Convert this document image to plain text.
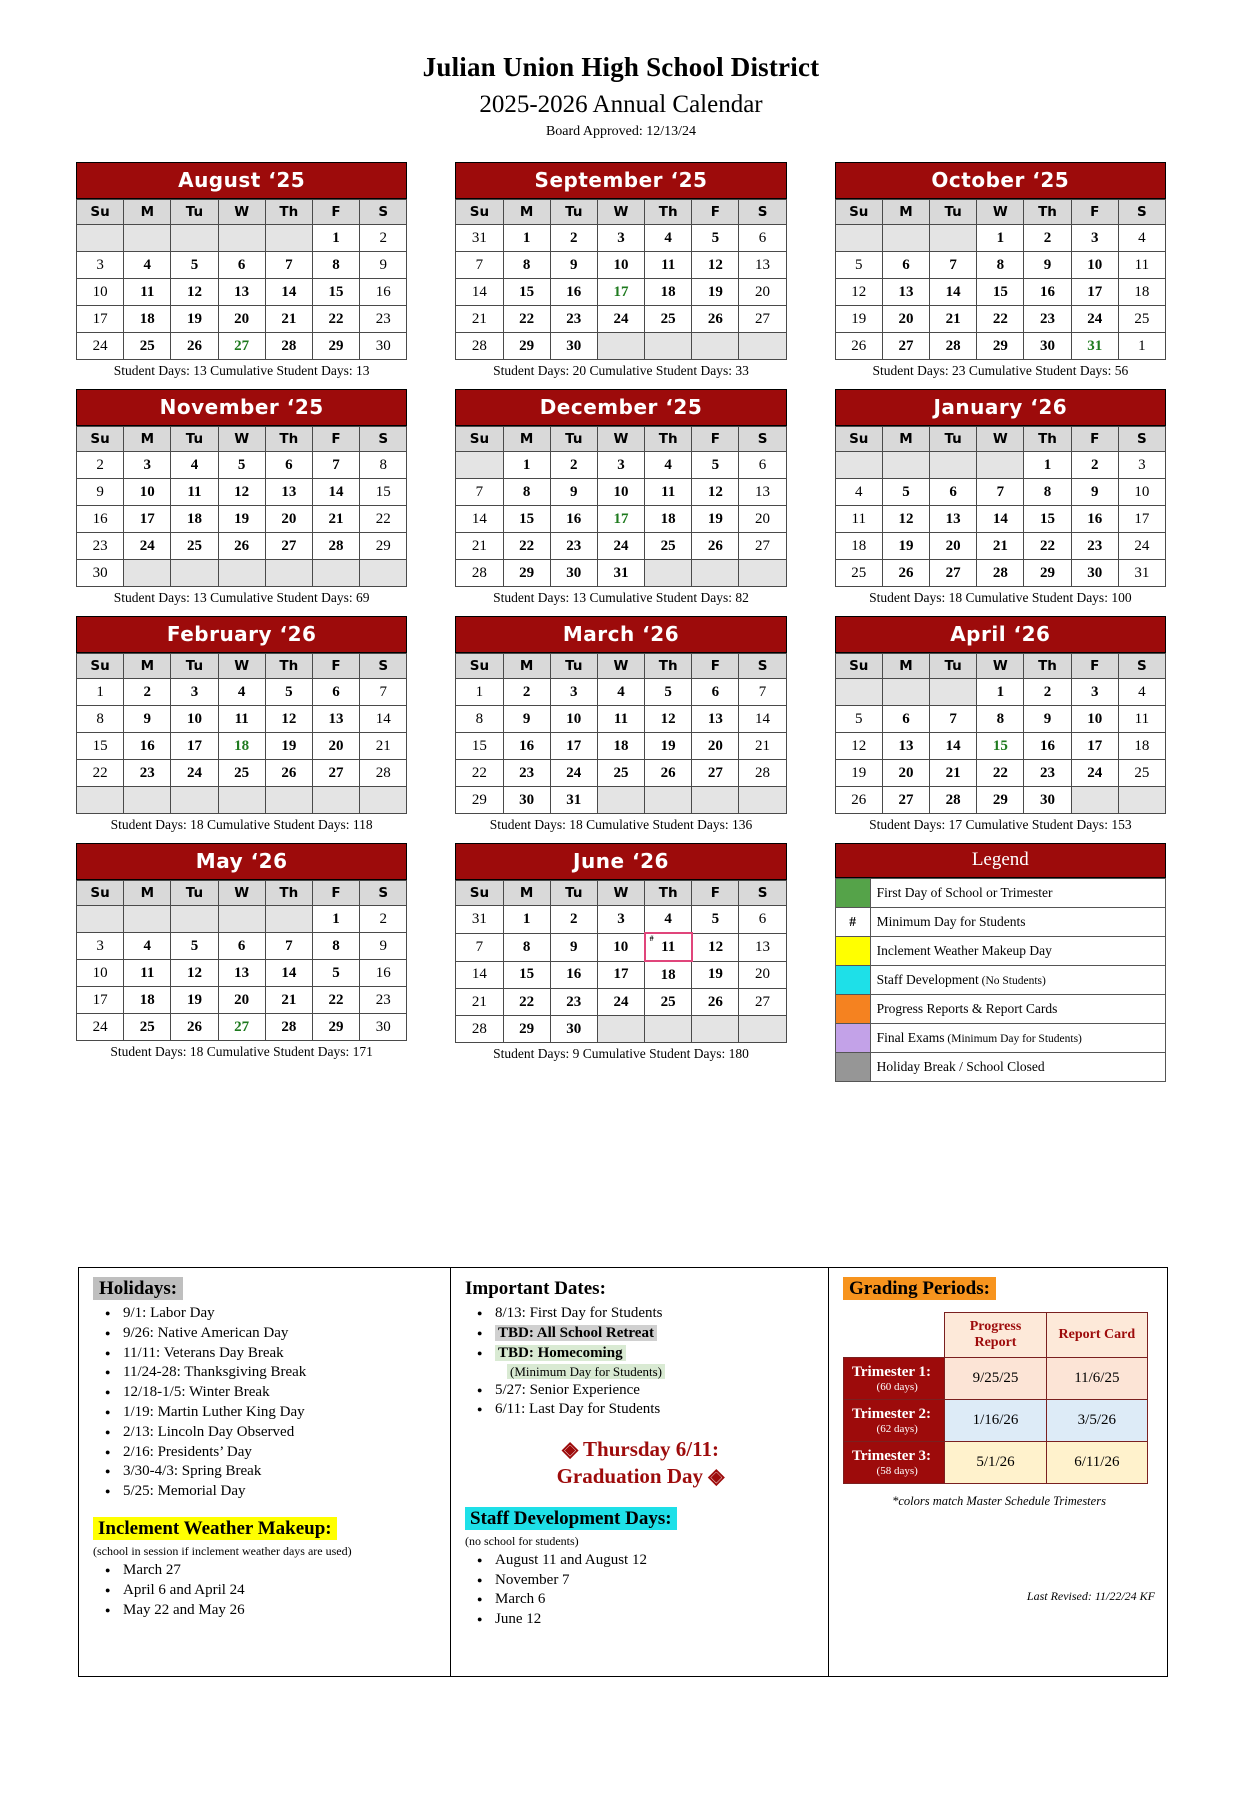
Julian Union High School District
2025-2026 Annual Calendar
Board Approved: 12/13/24
August ‘25
Su	M	Tu	W	Th	F	S
					1	2
3	4	5	6	7	8	9
10	11	12	13	14	15	16
17	18	19	20	21	22	23
24	25	26	27	28	29	30
Student Days: 13 Cumulative Student Days: 13
September ‘25
Su	M	Tu	W	Th	F	S
31	1	2	3	4	5	6
7	8	9	10	11	12	13
14	15	16	17	18	19	20
21	22	23	24	25	26	27
28	29	30				
Student Days: 20 Cumulative Student Days: 33
October ‘25
Su	M	Tu	W	Th	F	S
			1	2	3	4
5	6	7	8	9	10	11
12	13	14	15	16	17	18
19	20	21	22	23	24	25
26	27	28	29	30	31	1
Student Days: 23 Cumulative Student Days: 56
November ‘25
Su	M	Tu	W	Th	F	S
2	3	4	5	6	7	8
9	10	11	12	13	14	15
16	17	18	19	20	21	22
23	24	25	26	27	28	29
30						
Student Days: 13 Cumulative Student Days: 69
December ‘25
Su	M	Tu	W	Th	F	S
	1	2	3	4	5	6
7	8	9	10	11	12	13
14	15	16	17	18	19	20
21	22	23	24	25	26	27
28	29	30	31			
Student Days: 13 Cumulative Student Days: 82
January ‘26
Su	M	Tu	W	Th	F	S
				1	2	3
4	5	6	7	8	9	10
11	12	13	14	15	16	17
18	19	20	21	22	23	24
25	26	27	28	29	30	31
Student Days: 18 Cumulative Student Days: 100
February ‘26
Su	M	Tu	W	Th	F	S
1	2	3	4	5	6	7
8	9	10	11	12	13	14
15	16	17	18	19	20	21
22	23	24	25	26	27	28

Student Days: 18 Cumulative Student Days: 118
March ‘26
Su	M	Tu	W	Th	F	S
1	2	3	4	5	6	7
8	9	10	11	12	13	14
15	16	17	18	19	20	21
22	23	24	25	26	27	28
29	30	31				
Student Days: 18 Cumulative Student Days: 136
April ‘26
Su	M	Tu	W	Th	F	S
			1	2	3	4
5	6	7	8	9	10	11
12	13	14	15	16	17	18
19	20	21	22	23	24	25
26	27	28	29	30		
Student Days: 17 Cumulative Student Days: 153
May ‘26
Su	M	Tu	W	Th	F	S
					1	2
3	4	5	6	7	8	9
10	11	12	13	14	5	16
17	18	19	20	21	22	23
24	25	26	27	28	29	30
Student Days: 18 Cumulative Student Days: 171
June ‘26
Su	M	Tu	W	Th	F	S
31	1	2	3	4	5	6
7	8	9	10	# 11	12	13
14	15	16	17	18	19	20
21	22	23	24	25	26	27
28	29	30				
Student Days: 9 Cumulative Student Days: 180
Legend
	First Day of School or Trimester
#	Minimum Day for Students
	Inclement Weather Makeup Day
	Staff Development (No Students)
	Progress Reports & Report Cards
	Final Exams (Minimum Day for Students)
	Holiday Break / School Closed
Holidays:
● 9/1: Labor Day
● 9/26: Native American Day
● 11/11: Veterans Day Break
● 11/24-28: Thanksgiving Break
● 12/18-1/5: Winter Break
● 1/19: Martin Luther King Day
● 2/13: Lincoln Day Observed
● 2/16: Presidents’ Day
● 3/30-4/3: Spring Break
● 5/25: Memorial Day
Inclement Weather Makeup:
(school in session if inclement weather days are used)
● March 27
● April 6 and April 24
● May 22 and May 26
Important Dates:
● 8/13: First Day for Students
● TBD: All School Retreat
● TBD: Homecoming
(Minimum Day for Students)
● 5/27: Senior Experience
● 6/11: Last Day for Students
◈ Thursday 6/11:
Graduation Day ◈
Staff Development Days:
(no school for students)
● August 11 and August 12
● November 7
● March 6
● June 12
Grading Periods:
	Progress Report	Report Card
Trimester 1:
(60 days)	9/25/25	11/6/25
Trimester 2:
(62 days)	1/16/26	3/5/26
Trimester 3:
(58 days)	5/1/26	6/11/26
*colors match Master Schedule Trimesters
Last Revised: 11/22/24 KF
